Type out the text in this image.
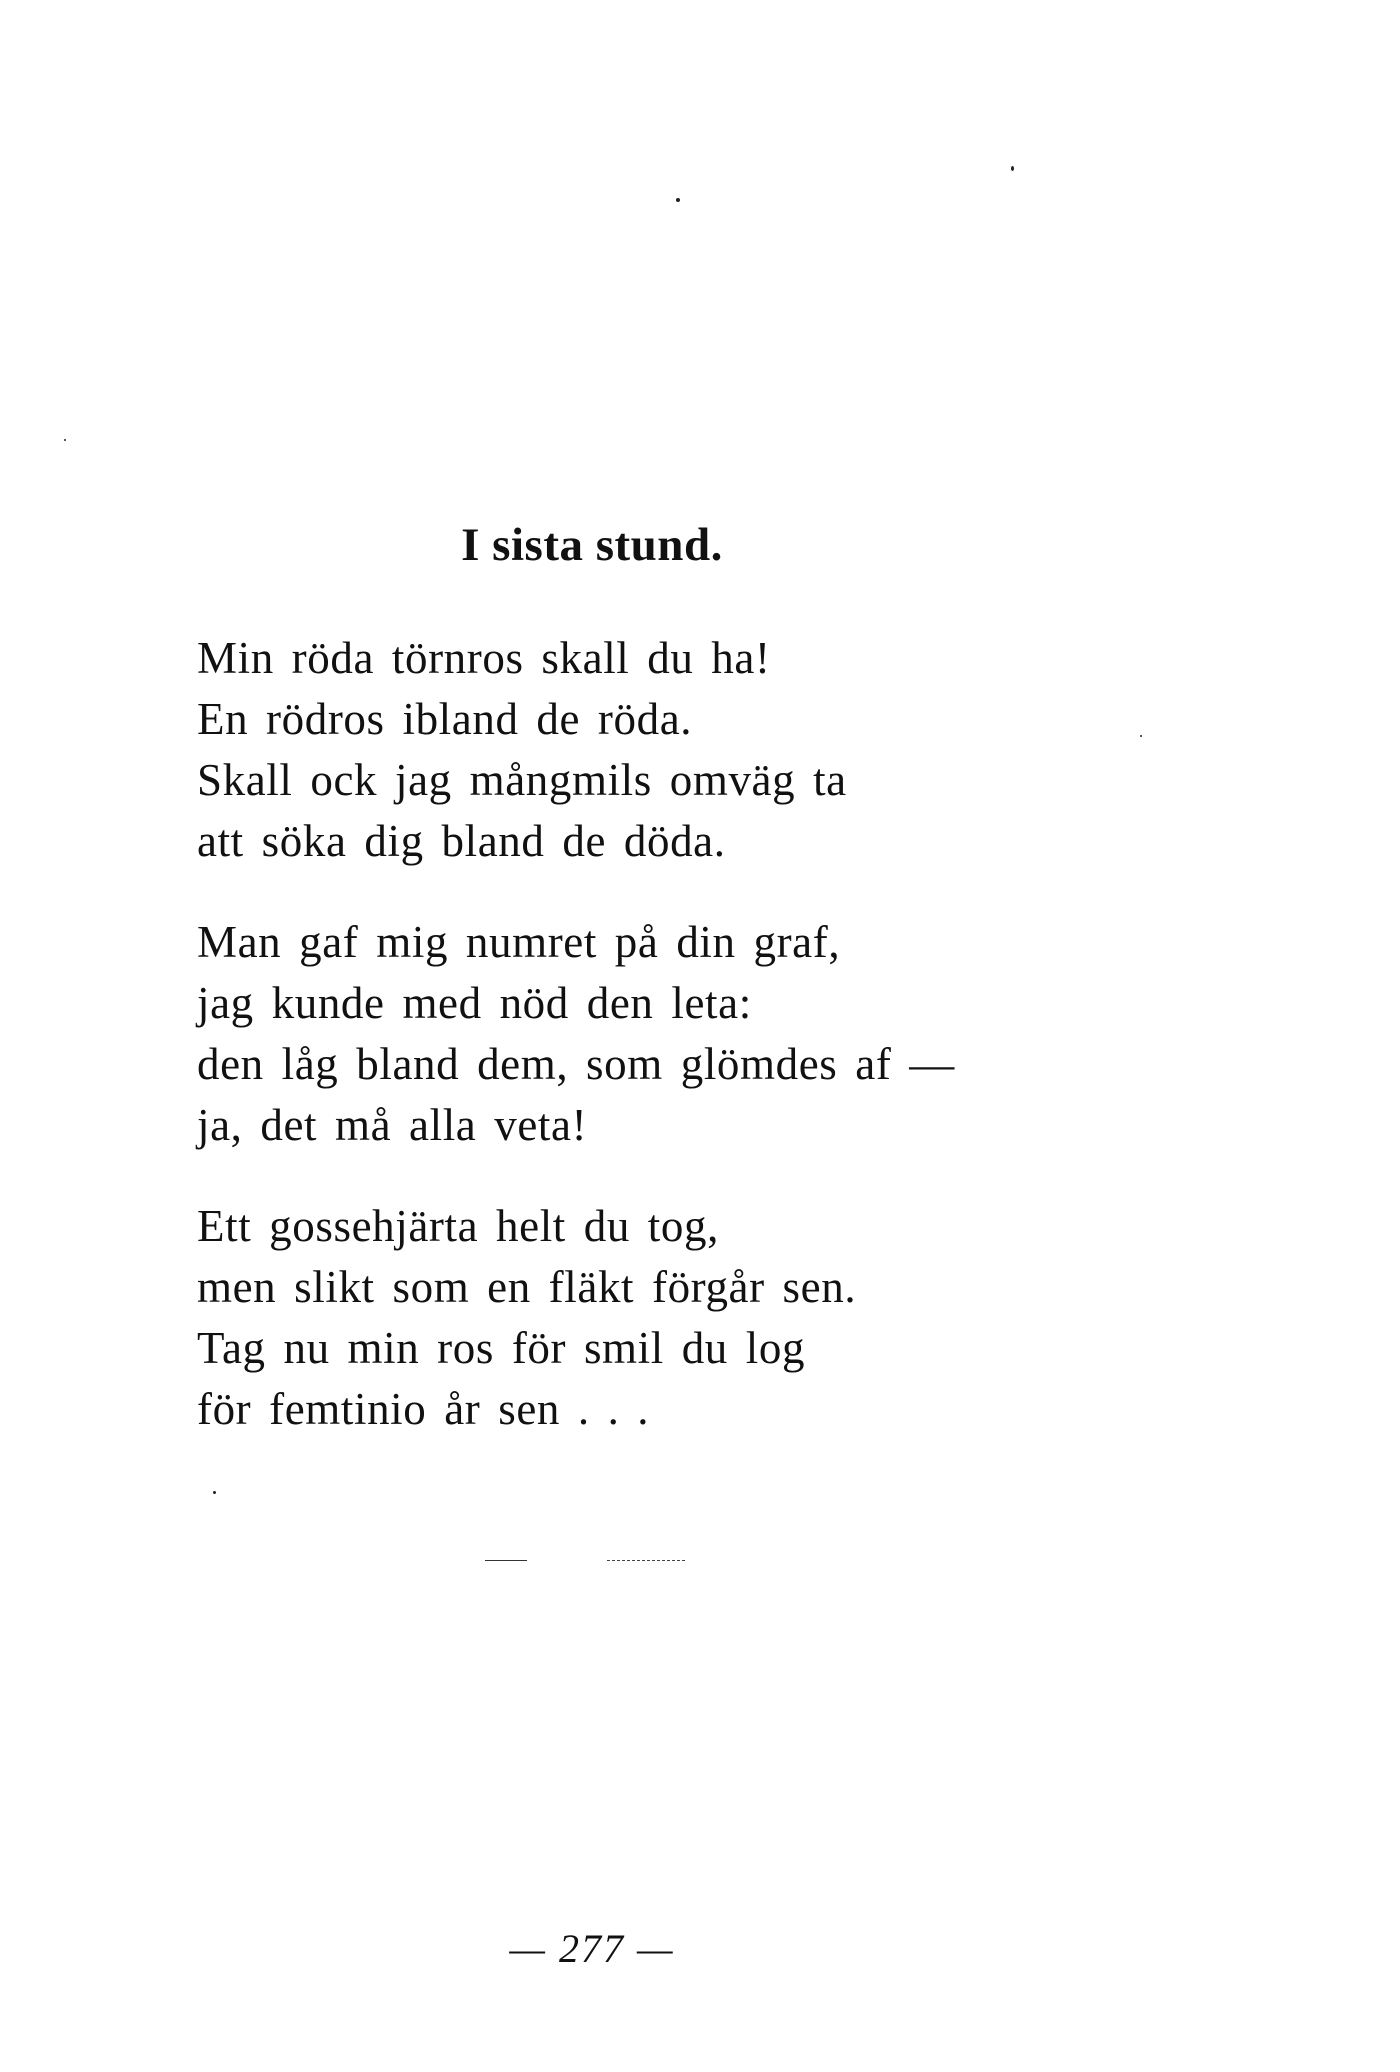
I sista stund.
Min röda törnros skall du ha!
En rödros ibland de röda.
Skall ock jag mångmils omväg ta
att söka dig bland de döda.
Man gaf mig numret på din graf,
jag kunde med nöd den leta:
den låg bland dem, som glömdes af —
ja, det må alla veta!
Ett gossehjärta helt du tog,
men slikt som en fläkt förgår sen.
Tag nu min ros för smil du log
för femtinio år sen . . .
— 277 —
